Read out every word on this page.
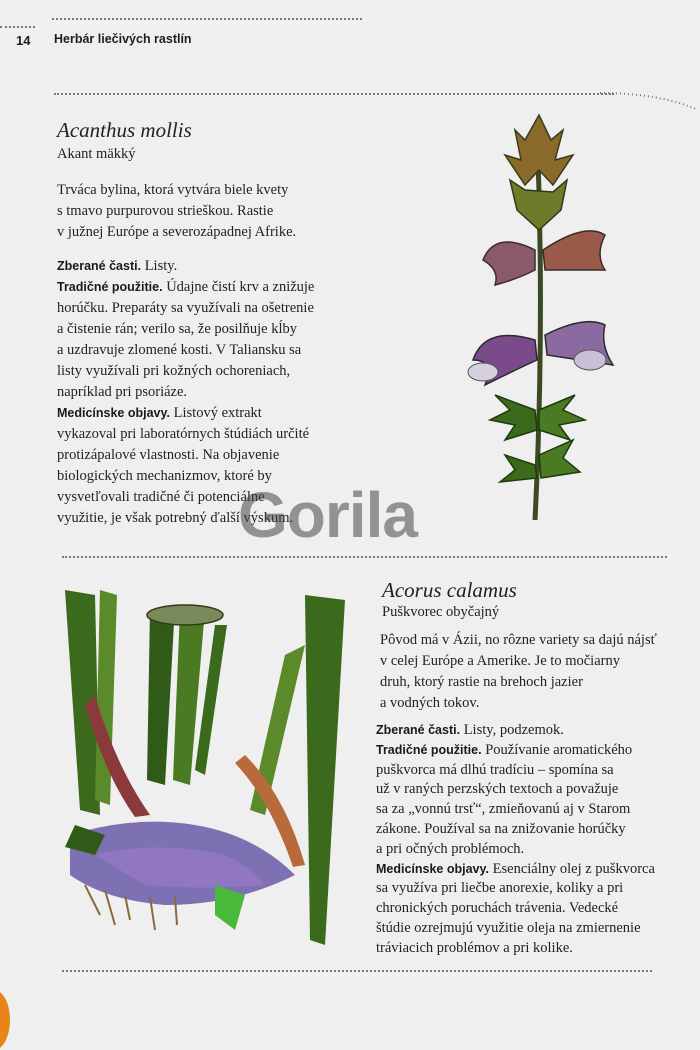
14 Herbár liečivých rastlín
Acanthus mollis
Akant mäkký
Trváca bylina, ktorá vytvára biele kvety
s tmavo purpurovou strieškou. Rastie
v južnej Európe a severozápadnej Afrike.
Zberané časti. Listy.
Tradičné použitie. Údajne čistí krv a znižuje
horúčku. Preparáty sa využívali na ošetrenie
a čistenie rán; verilo sa, že posilňuje kĺby
a uzdravuje zlomené kosti. V Taliansku sa
listy využívali pri kožných ochoreniach,
napríklad pri psoriáze.
Medicínske objavy. Listový extrakt
vykazoval pri laboratórnych štúdiách určité
protizápalové vlastnosti. Na objavenie
biologických mechanizmov, ktoré by
vysvetľovali tradičné či potenciálne
využitie, je však potrebný ďalší výskum.
Gorila
Acorus calamus
Puškvorec obyčajný
Pôvod má v Ázii, no rôzne variety sa dajú nájsť
v celej Európe a Amerike. Je to močiarny
druh, ktorý rastie na brehoch jazier
a vodných tokov.
Zberané časti. Listy, podzemok.
Tradičné použitie. Používanie aromatického
puškvorca má dlhú tradíciu – spomína sa
už v raných perzských textoch a považuje
sa za „vonnú trsť“, zmieňovanú aj v Starom
zákone. Používal sa na znižovanie horúčky
a pri očných problémoch.
Medicínske objavy. Esenciálny olej z puškvorca
sa využíva pri liečbe anorexie, koliky a pri
chronických poruchách trávenia. Vedecké
štúdie ozrejmujú využitie oleja na zmiernenie
tráviacich problémov a pri kolike.
